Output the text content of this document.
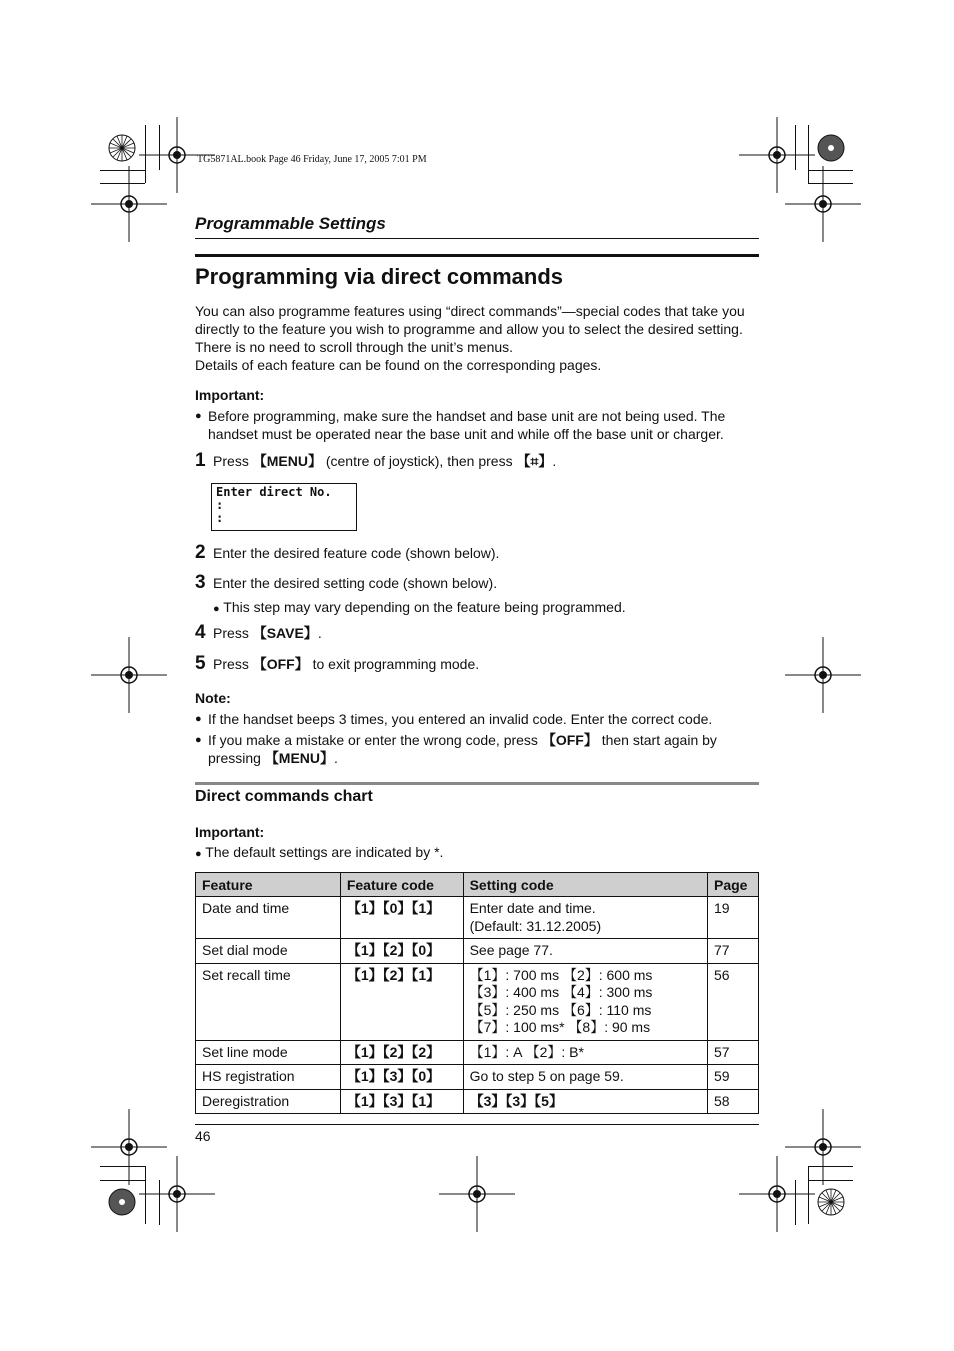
TG5871AL.book Page 46 Friday, June 17, 2005 7:01 PM
Programmable Settings
Programming via direct commands
You can also programme features using “direct commands”—special codes that take you
directly to the feature you wish to programme and allow you to select the desired setting.
There is no need to scroll through the unit’s menus.
Details of each feature can be found on the corresponding pages.
Important:
● Before programming, make sure the handset and base unit are not being used. The
handset must be operated near the base unit and while off the base unit or charger.
1 Press 【MENU】 (centre of joystick), then press 【⌗】.
Enter direct No.
:
:
2 Enter the desired feature code (shown below).
3 Enter the desired setting code (shown below).
● This step may vary depending on the feature being programmed.
4 Press 【SAVE】.
5 Press 【OFF】 to exit programming mode.
Note:
● If the handset beeps 3 times, you entered an invalid code. Enter the correct code.
● If you make a mistake or enter the wrong code, press 【OFF】 then start again by
pressing 【MENU】.
Direct commands chart
Important:
● The default settings are indicated by *.
Feature	Feature code	Setting code	Page
Date and time	【1】【0】【1】	Enter date and time.
(Default: 31.12.2005)	19
Set dial mode	【1】【2】【0】	See page 77.	77
Set recall time	【1】【2】【1】	【1】: 700 ms 【2】: 600 ms
【3】: 400 ms 【4】: 300 ms
【5】: 250 ms 【6】: 110 ms
【7】: 100 ms* 【8】: 90 ms	56
Set line mode	【1】【2】【2】	【1】: A 【2】: B*	57
HS registration	【1】【3】【0】	Go to step 5 on page 59.	59
Deregistration	【1】【3】【1】	【3】【3】【5】	58
46
